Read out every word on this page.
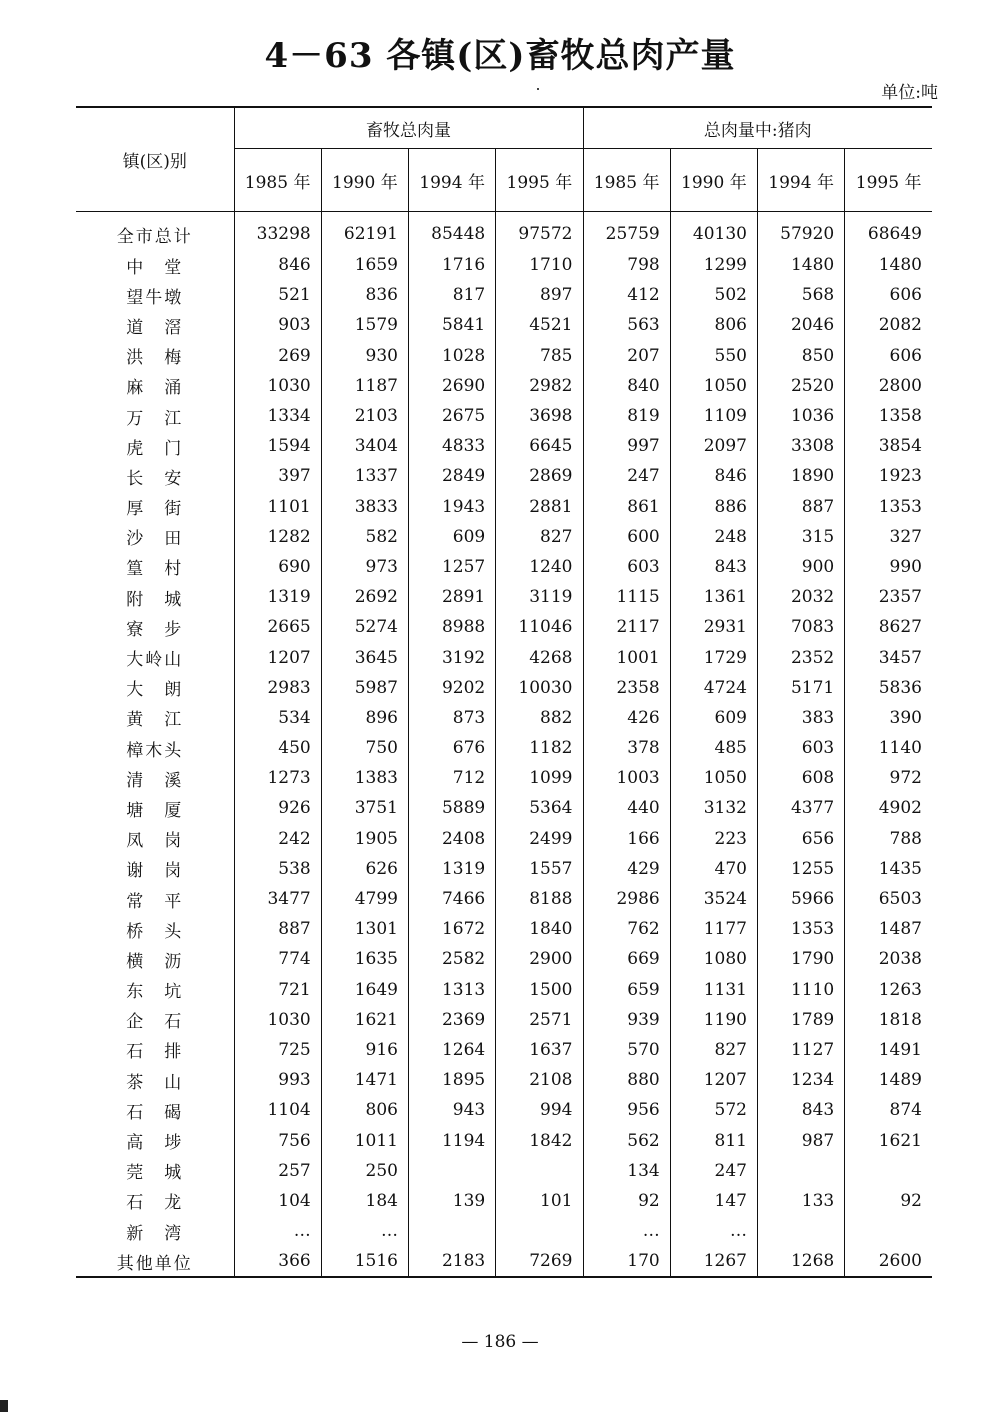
4－63 各镇(区)畜牧总肉产量
单位:吨
镇(区)别	畜牧总肉量				总肉量中:猪肉			
	1985 年	1990 年	1994 年	1995 年	1985 年	1990 年	1994 年	1995 年
全市总计	33298	62191	85448	97572	25759	40130	57920	68649
中　堂	846	1659	1716	1710	798	1299	1480	1480
望牛墩	521	836	817	897	412	502	568	606
道　滘	903	1579	5841	4521	563	806	2046	2082
洪　梅	269	930	1028	785	207	550	850	606
麻　涌	1030	1187	2690	2982	840	1050	2520	2800
万　江	1334	2103	2675	3698	819	1109	1036	1358
虎　门	1594	3404	4833	6645	997	2097	3308	3854
长　安	397	1337	2849	2869	247	846	1890	1923
厚　街	1101	3833	1943	2881	861	886	887	1353
沙　田	1282	582	609	827	600	248	315	327
篁　村	690	973	1257	1240	603	843	900	990
附　城	1319	2692	2891	3119	1115	1361	2032	2357
寮　步	2665	5274	8988	11046	2117	2931	7083	8627
大岭山	1207	3645	3192	4268	1001	1729	2352	3457
大　朗	2983	5987	9202	10030	2358	4724	5171	5836
黄　江	534	896	873	882	426	609	383	390
樟木头	450	750	676	1182	378	485	603	1140
清　溪	1273	1383	712	1099	1003	1050	608	972
塘　厦	926	3751	5889	5364	440	3132	4377	4902
凤　岗	242	1905	2408	2499	166	223	656	788
谢　岗	538	626	1319	1557	429	470	1255	1435
常　平	3477	4799	7466	8188	2986	3524	5966	6503
桥　头	887	1301	1672	1840	762	1177	1353	1487
横　沥	774	1635	2582	2900	669	1080	1790	2038
东　坑	721	1649	1313	1500	659	1131	1110	1263
企　石	1030	1621	2369	2571	939	1190	1789	1818
石　排	725	916	1264	1637	570	827	1127	1491
茶　山	993	1471	1895	2108	880	1207	1234	1489
石　碣	1104	806	943	994	956	572	843	874
高　埗	756	1011	1194	1842	562	811	987	1621
莞　城	257	250			134	247		
石　龙	104	184	139	101	92	147	133	92
新　湾	…	…			…	…		
其他单位	366	1516	2183	7269	170	1267	1268	2600
— 186 —
